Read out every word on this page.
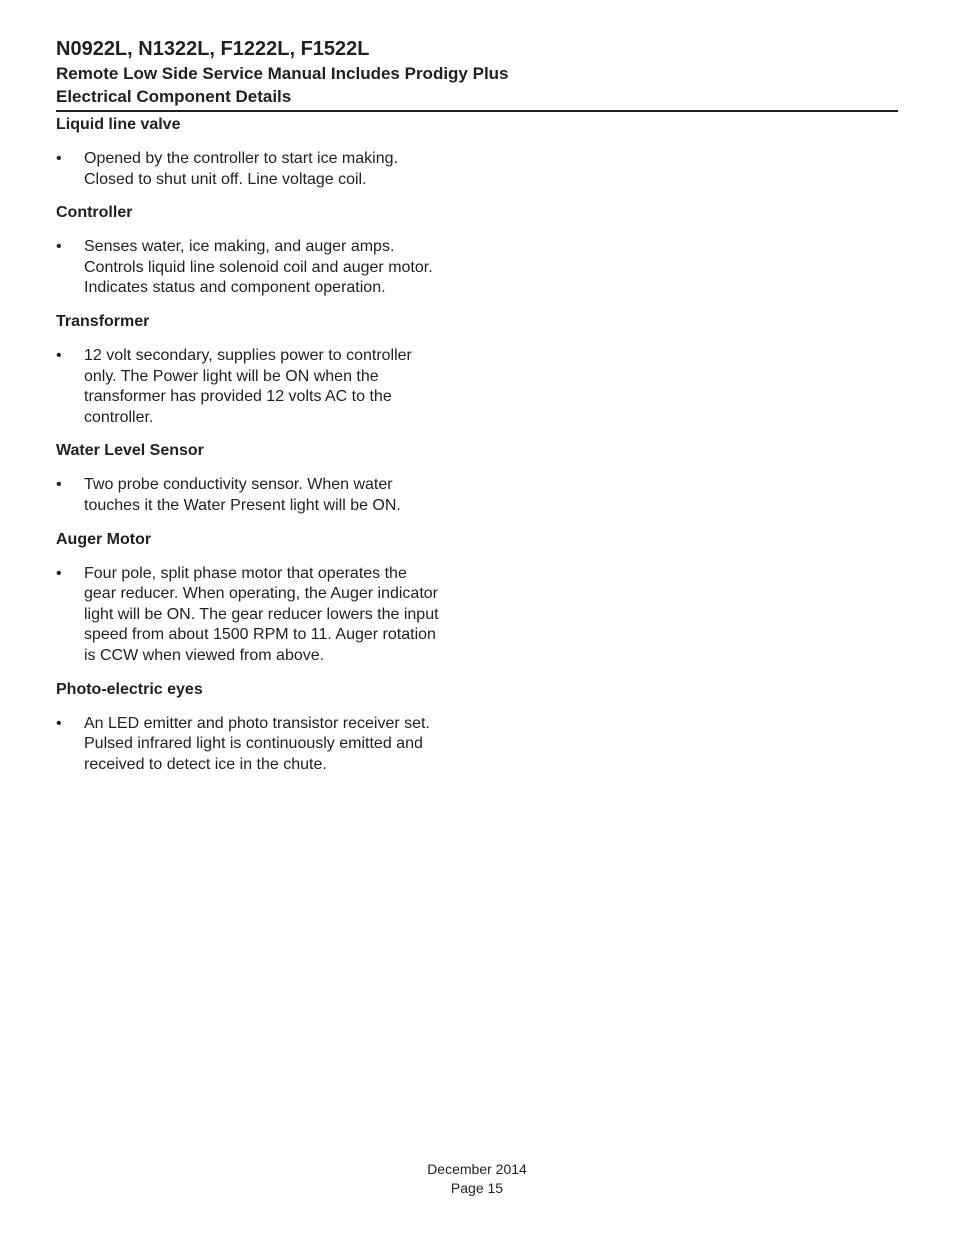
N0922L, N1322L, F1222L, F1522L
Remote Low Side Service Manual Includes Prodigy Plus
Electrical Component Details
Liquid line valve
• Opened by the controller to start ice making.
Closed to shut unit off. Line voltage coil.
Controller
• Senses water, ice making, and auger amps.
Controls liquid line solenoid coil and auger motor.
Indicates status and component operation.
Transformer
• 12 volt secondary, supplies power to controller
only. The Power light will be ON when the
transformer has provided 12 volts AC to the
controller.
Water Level Sensor
• Two probe conductivity sensor. When water
touches it the Water Present light will be ON.
Auger Motor
• Four pole, split phase motor that operates the
gear reducer. When operating, the Auger indicator
light will be ON. The gear reducer lowers the input
speed from about 1500 RPM to 11. Auger rotation
is CCW when viewed from above.
Photo-electric eyes
• An LED emitter and photo transistor receiver set.
Pulsed infrared light is continuously emitted and
received to detect ice in the chute.
December 2014
Page 15
